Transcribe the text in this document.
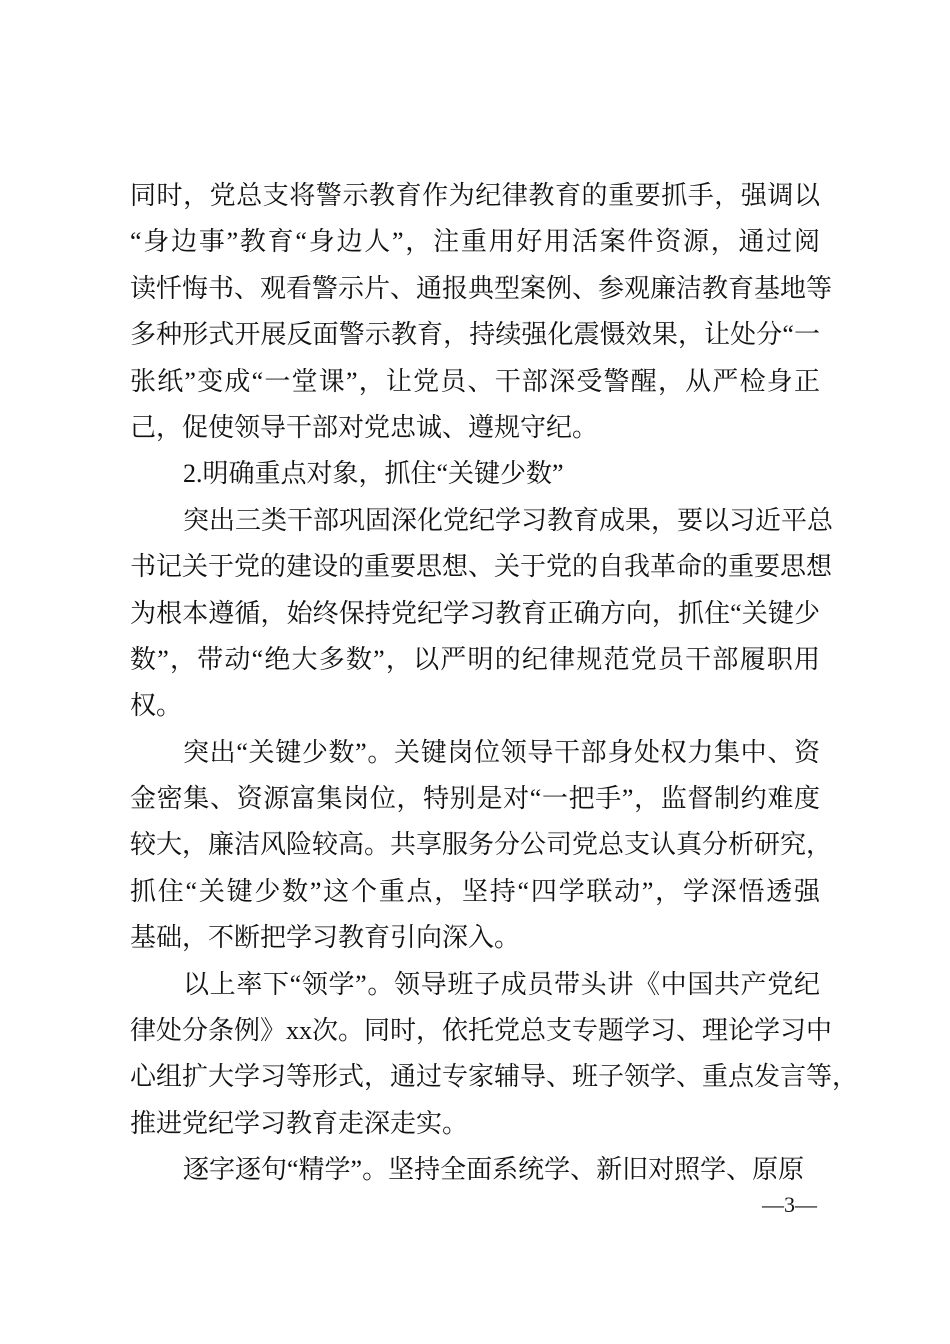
同时，党总支将警示教育作为纪律教育的重要抓手，强调以
“身边事”教育“身边人”，注重用好用活案件资源，通过阅
读忏悔书、观看警示片、通报典型案例、参观廉洁教育基地等
多种形式开展反面警示教育，持续强化震慑效果，让处分“一
张纸”变成“一堂课”，让党员、干部深受警醒，从严检身正
己，促使领导干部对党忠诚、遵规守纪。
2.明确重点对象，抓住“关键少数”
突出三类干部巩固深化党纪学习教育成果，要以习近平总
书记关于党的建设的重要思想、关于党的自我革命的重要思想
为根本遵循，始终保持党纪学习教育正确方向，抓住“关键少
数”，带动“绝大多数”，以严明的纪律规范党员干部履职用
权。
突出“关键少数”。关键岗位领导干部身处权力集中、资
金密集、资源富集岗位，特别是对“一把手”，监督制约难度
较大，廉洁风险较高。共享服务分公司党总支认真分析研究，
抓住“关键少数”这个重点，坚持“四学联动”，学深悟透强
基础，不断把学习教育引向深入。
以上率下“领学”。领导班子成员带头讲《中国共产党纪
律处分条例》xx次。同时，依托党总支专题学习、理论学习中
心组扩大学习等形式，通过专家辅导、班子领学、重点发言等，
推进党纪学习教育走深走实。
逐字逐句“精学”。坚持全面系统学、新旧对照学、原原
—3—
